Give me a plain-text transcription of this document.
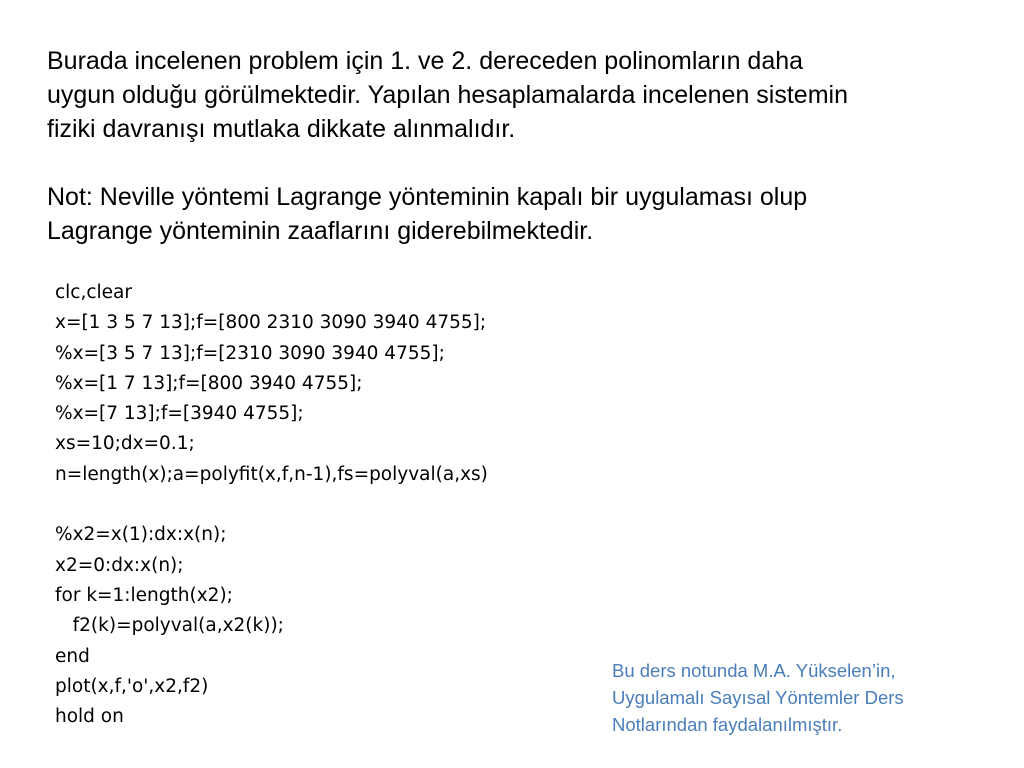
Burada incelenen problem için 1. ve 2. dereceden polinomların daha
uygun olduğu görülmektedir. Yapılan hesaplamalarda incelenen sistemin
fiziki davranışı mutlaka dikkate alınmalıdır.
Not: Neville yöntemi Lagrange yönteminin kapalı bir uygulaması olup
Lagrange yönteminin zaaflarını giderebilmektedir.
clc,clear
x=[1 3 5 7 13];f=[800 2310 3090 3940 4755];
%x=[3 5 7 13];f=[2310 3090 3940 4755];
%x=[1 7 13];f=[800 3940 4755];
%x=[7 13];f=[3940 4755];
xs=10;dx=0.1;
n=length(x);a=polyfit(x,f,n-1),fs=polyval(a,xs)
%x2=x(1):dx:x(n);
x2=0:dx:x(n);
for k=1:length(x2);
f2(k)=polyval(a,x2(k));
end
plot(x,f,'o',x2,f2)
hold on
Bu ders notunda M.A. Yükselen’in,
Uygulamalı Sayısal Yöntemler Ders
Notlarından faydalanılmıştır.
